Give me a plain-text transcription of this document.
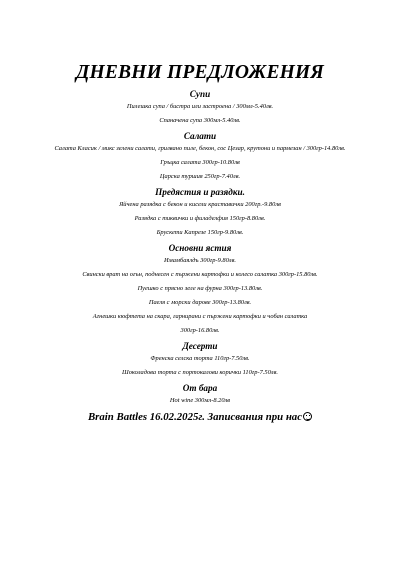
ДНЕВНИ ПРЕДЛОЖЕНИЯ
Супи
Пилешка супа / бистра или застроена / 300мл-5.40лв.
Спаначена супа 300мл-5.40лв.
Салати
Салата Класик / микс зелени салати, грилвано пиле, бекон, сос Цезар, крутони и пармезан / 300гр-14.80лв.
Гръцка салата 300гр-10.80лв
Царска туршия 250гр-7.40лв.
Предястия и разядки.
Яйчена разядка с бекон и кисели краставички 200гр.-9.80лв
Разядка с тиквички и филаделфия 150гр-8.80лв.
Брускети Капрезе 150гр-9.80лв.
Основни ястия
Имамбаялдъ 300гр-9.80лв.
Свински врат на огън, поднесен с пържени картофки и колесо салатка 300гр-15.80лв.
Пуешко с прясно зеле на фурна 300гр-13.80лв.
Паеля с морски дарове 300гр-13.80лв.
Агнешки кюфтета на скара, гарнирани с пържени картофки и чобан салатка
300гр-16.80лв.
Десерти
Френска селска торта 110гр-7.50лв.
Шоколадова торта с портокалови корички 110гр-7.50лв.
От бара
Hot wine 300мл-8.20лв
Brain Battles 16.02.2025г. Записвания при нас
